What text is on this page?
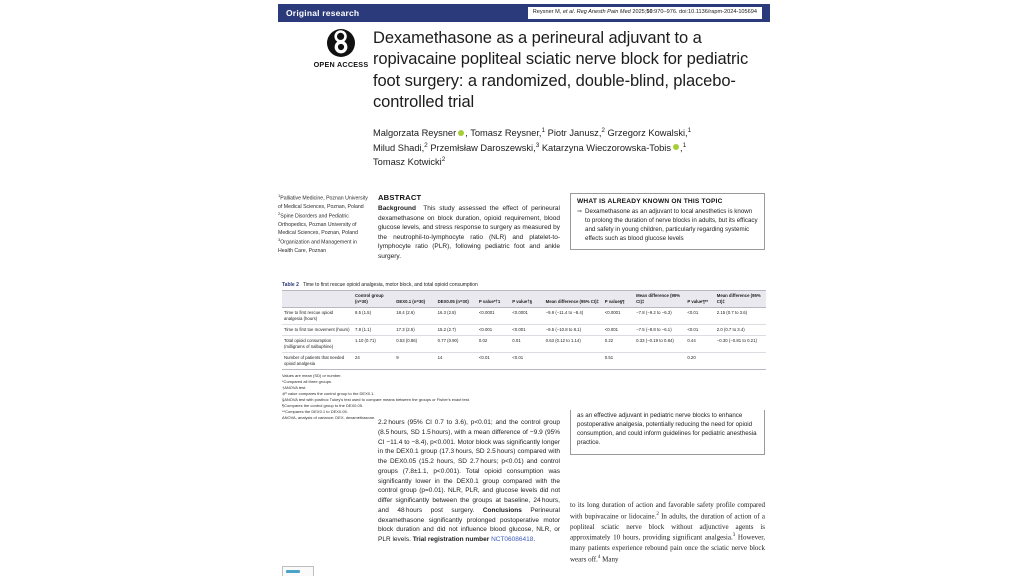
Original research	Reysner M, et al. Reg Anesth Pain Med 2025;50:970–976. doi:10.1136/rapm-2024-105694
OPEN ACCESS
Dexamethasone as a perineural adjuvant to a ropivacaine popliteal sciatic nerve block for pediatric foot surgery: a randomized, double-blind, placebo-controlled trial
Malgorzata Reysner , Tomasz Reysner,$^1$ Piotr Janusz,$^2$ Grzegorz Kowalski,$^1$
Milud Shadi,$^2$ Przemłsław Daroszewski,$^3$ Katarzyna Wieczorowska-Tobis ,$^1$
Tomasz Kotwicki$^2$
$^1$Palliative Medicine, Poznan University of Medical Sciences, Poznan, Poland
$^2$Spine Disorders and Pediatric Orthopedics, Poznan University of Medical Sciences, Poznan, Poland
$^3$Organization and Management in Health Care, Poznan
ABSTRACT

Background This study assessed the effect of perineural dexamethasone on block duration, opioid requirement, blood glucose levels, and stress response to surgery as measured by the neutrophil-to-lymphocyte ratio (NLR) and platelet-to-lymphocyte ratio (PLR), following pediatric foot and ankle surgery.

WHAT IS ALREADY KNOWN ON THIS TOPIC
⇒ Dexamethasone as an adjuvant to local anesthetics is known to prolong the duration of nerve blocks in adults, but its efficacy and safety in young children, particularly regarding systemic effects such as blood glucose levels
Table 2 Time to first rescue opioid analgesia, motor block, and total opioid consumption
	Control group (n=30)	DEX0.1 (n=30)	DEX0.05 (n=30)	P value*†1	P value†§	Mean difference (95% CI)‡	P value§¶	Mean difference (95% CI)‡	P value¶**	Mean difference (95% CI)‡
Time to first rescue opioid analgesia (hours)	8.5 (1.5)	18.4 (2.6)	16.3 (2.8)	<0.0001	<0.0001	−9.9 (−11.4 to −8.4)	<0.0001	−7.8 (−9.2 to −6.3)	<0.01	2.15 (0.7 to 3.6)
Time to first toe movement (hours)	7.8 (1.1)	17.3 (2.5)	15.2 (2.7)	<0.001	<0.001	−9.5 (−10.8 to 8.1)	<0.001	−7.5 (−8.8 to −6.1)	<0.01	2.0 (0.7 to 3.4)
Total opioid consumption (milligrams of nalbuphine)	1.10 (0.71)	0.53 (0.86)	0.77 (0.90)	0.02	0.01	0.63 (0.12 to 1.14)	0.22	0.33 (−0.19 to 0.84)	0.44	−0.30 (−0.81 to 0.21)
Number of patients that needed opioid analgesia	24	9	14	<0.01	<0.01		0.51		0.20	
Values are mean (SD) or number.
*Compared all three groups.
†ANOVA test.
‡P value compares the control group to the DEX0.1.
§ANOVA test with posthoc Tukey's test used to compare means between the groups or Fisher's exact test.
¶Compares the control group to the DEX0.05.
**Compares the DEX0.1 to DEX0.05.
ANOVA, analysis of variance; DEX, dexamethasone.
2.2 hours (95% CI 0.7 to 3.6), p<0.01; and the control group (8.5 hours, SD 1.5 hours), with a mean difference of −9.9 (95% CI −11.4 to −8.4), p<0.001. Motor block was significantly longer in the DEX0.1 group (17.3 hours, SD 2.5 hours) compared with the DEX0.05 (15.2 hours, SD 2.7 hours; p<0.01) and control groups (7.8±1.1, p<0.001). Total opioid consumption was significantly lower in the DEX0.1 group compared with the control group (p=0.01). NLR, PLR, and glucose levels did not differ significantly between the groups at baseline, 24 hours, and 48 hours post surgery. Conclusions Perineural dexamethasone significantly prolonged postoperative motor block duration and did not influence blood glucose, NLR, or PLR levels. Trial registration number NCT06086418.
as an effective adjuvant in pediatric nerve blocks to enhance postoperative analgesia, potentially reducing the need for opioid consumption, and could inform guidelines for pediatric anesthesia practice.
to its long duration of action and favorable safety profile compared with bupivacaine or lidocaine.$^2$ In adults, the duration of action of a popliteal sciatic nerve block without adjunctive agents is approximately 10 hours, providing significant analgesia.$^3$ However, many patients experience rebound pain once the sciatic nerve block wears off.$^4$ Many
